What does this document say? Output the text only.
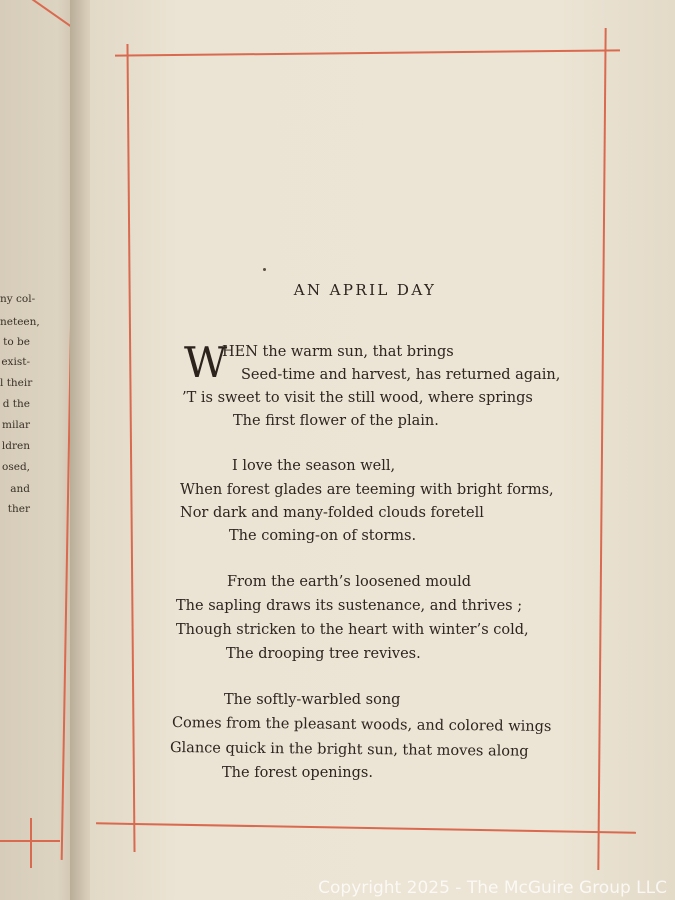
ny col-
neteen,
to be
exist-
l their
d the
milar
ldren
osed,
and
ther
AN APRIL DAY
W
HEN the warm sun, that brings
Seed-time and harvest, has returned again,
’T is sweet to visit the still wood, where springs
The first flower of the plain.
I love the season well,
When forest glades are teeming with bright forms,
Nor dark and many-folded clouds foretell
The coming-on of storms.
From the earth’s loosened mould
The sapling draws its sustenance, and thrives ;
Though stricken to the heart with winter’s cold,
The drooping tree revives.
The softly-warbled song
Comes from the pleasant woods, and colored wings
Glance quick in the bright sun, that moves along
The forest openings.
Copyright 2025 - The McGuire Group LLC
